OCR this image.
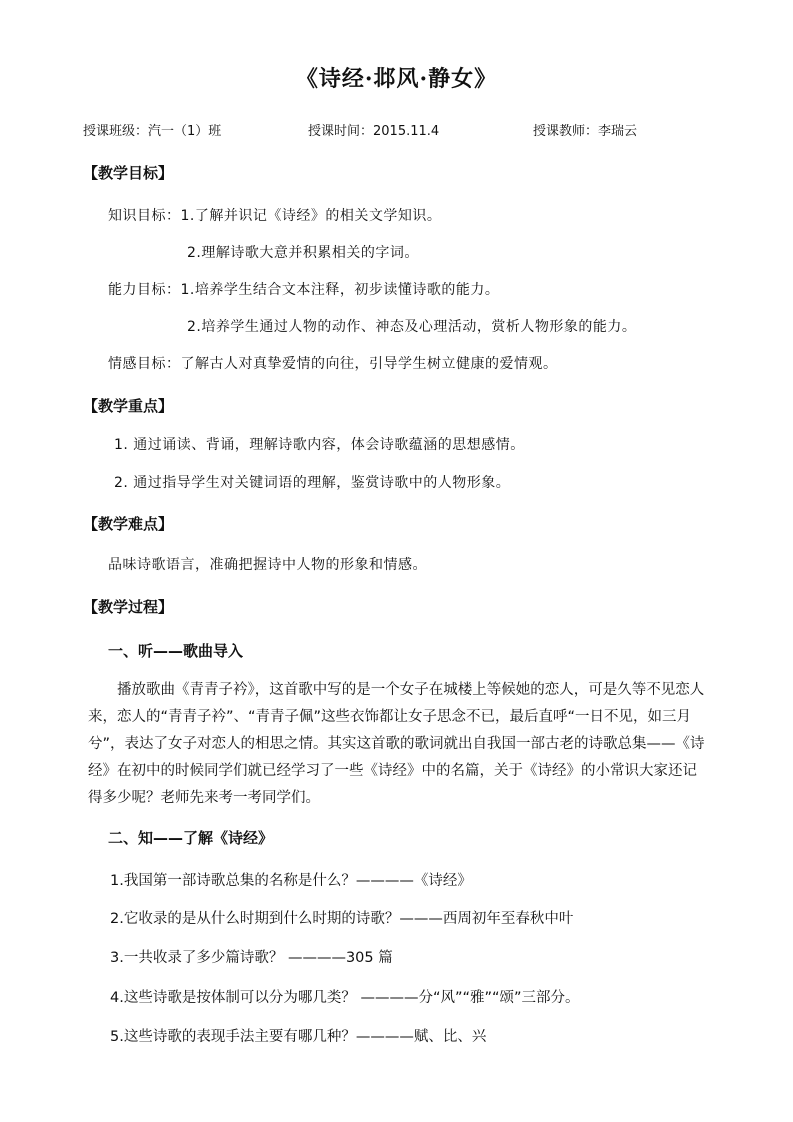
《诗经·邶风·静女》
授课班级：汽一（1）班	授课时间：2015.11.4	授课教师：李瑞云
【教学目标】
知识目标：1.了解并识记《诗经》的相关文学知识。
2.理解诗歌大意并积累相关的字词。
能力目标：1.培养学生结合文本注释，初步读懂诗歌的能力。
2.培养学生通过人物的动作、神态及心理活动，赏析人物形象的能力。
情感目标：了解古人对真挚爱情的向往，引导学生树立健康的爱情观。
【教学重点】
1. 通过诵读、背诵，理解诗歌内容，体会诗歌蕴涵的思想感情。
2. 通过指导学生对关键词语的理解，鉴赏诗歌中的人物形象。
【教学难点】
品味诗歌语言，准确把握诗中人物的形象和情感。
【教学过程】
一、听——歌曲导入
播放歌曲《青青子衿》，这首歌中写的是一个女子在城楼上等候她的恋人，可是久等不见恋人来，恋人的“青青子衿”、“青青子佩”这些衣饰都让女子思念不已，最后直呼“一日不见，如三月兮”，表达了女子对恋人的相思之情。其实这首歌的歌词就出自我国一部古老的诗歌总集——《诗经》在初中的时候同学们就已经学习了一些《诗经》中的名篇，关于《诗经》的小常识大家还记得多少呢？老师先来考一考同学们。
二、知——了解《诗经》
1.我国第一部诗歌总集的名称是什么？————《诗经》
2.它收录的是从什么时期到什么时期的诗歌？———西周初年至春秋中叶
3.一共收录了多少篇诗歌？ ————305 篇
4.这些诗歌是按体制可以分为哪几类？ ————分“风”“雅”“颂”三部分。
5.这些诗歌的表现手法主要有哪几种？————赋、比、兴
